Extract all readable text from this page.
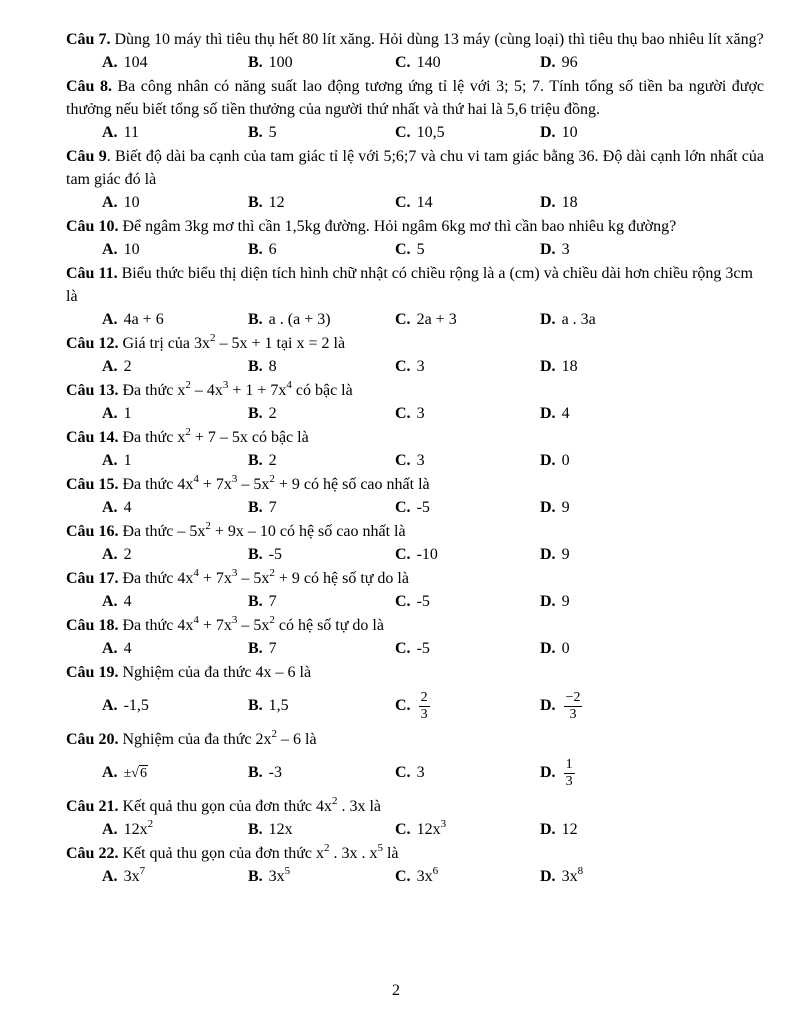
Câu 7. Dùng 10 máy thì tiêu thụ hết 80 lít xăng. Hỏi dùng 13 máy (cùng loại) thì tiêu thụ bao nhiêu lít xăng?
A. 104	B. 100	C. 140	D. 96
Câu 8. Ba công nhân có năng suất lao động tương ứng tỉ lệ với 3; 5; 7. Tính tổng số tiền ba người được thưởng nếu biết tổng số tiền thưởng của người thứ nhất và thứ hai là 5,6 triệu đồng.
A. 11	B. 5	C. 10,5	D. 10
Câu 9. Biết độ dài ba cạnh của tam giác tỉ lệ với 5;6;7 và chu vi tam giác bằng 36. Độ dài cạnh lớn nhất của tam giác đó là
A. 10	B. 12	C. 14	D. 18
Câu 10. Để ngâm 3kg mơ thì cần 1,5kg đường. Hỏi ngâm 6kg mơ thì cần bao nhiêu kg đường?
A. 10	B. 6	C. 5	D. 3
Câu 11. Biểu thức biểu thị diện tích hình chữ nhật có chiều rộng là a (cm) và chiều dài hơn chiều rộng 3cm là
A. 4a + 6	B. a . (a + 3)	C. 2a + 3	D. a . 3a
Câu 12. Giá trị của $3x^2 - 5x + 1$ tại x = 2 là
A. 2	B. 8	C. 3	D. 18
Câu 13. Đa thức $x^2 - 4x^3 + 1 + 7x^4$ có bậc là
A. 1	B. 2	C. 3	D. 4
Câu 14. Đa thức $x^2 + 7 - 5x$ có bậc là
A. 1	B. 2	C. 3	D. 0
Câu 15. Đa thức $4x^4 + 7x^3 - 5x^2 + 9$ có hệ số cao nhất là
A. 4	B. 7	C. -5	D. 9
Câu 16. Đa thức – $5x^2 + 9x - 10$ có hệ số cao nhất là
A. 2	B. -5	C. -10	D. 9
Câu 17. Đa thức $4x^4 + 7x^3 - 5x^2 + 9$ có hệ số tự do là
A. 4	B. 7	C. -5	D. 9
Câu 18. Đa thức $4x^4 + 7x^3 - 5x^2$ có hệ số tự do là
A. 4	B. 7	C. -5	D. 0
Câu 19. Nghiệm của đa thức 4x – 6 là
A. -1,5	B. 1,5	C. $\frac{2}{3}$	D. $\frac{-2}{3}$
Câu 20. Nghiệm của đa thức $2x^2 - 6$ là
A. ±√6	B. -3	C. 3	D. $\frac{1}{3}$
Câu 21. Kết quả thu gọn của đơn thức $4x^2$ . 3x là
A. $12x^2$	B. 12x	C. $12x^3$	D. 12
Câu 22. Kết quả thu gọn của đơn thức $x^2$ . 3x . $x^5$ là
A. $3x^7$	B. $3x^5$	C. $3x^6$	D. $3x^8$
2
